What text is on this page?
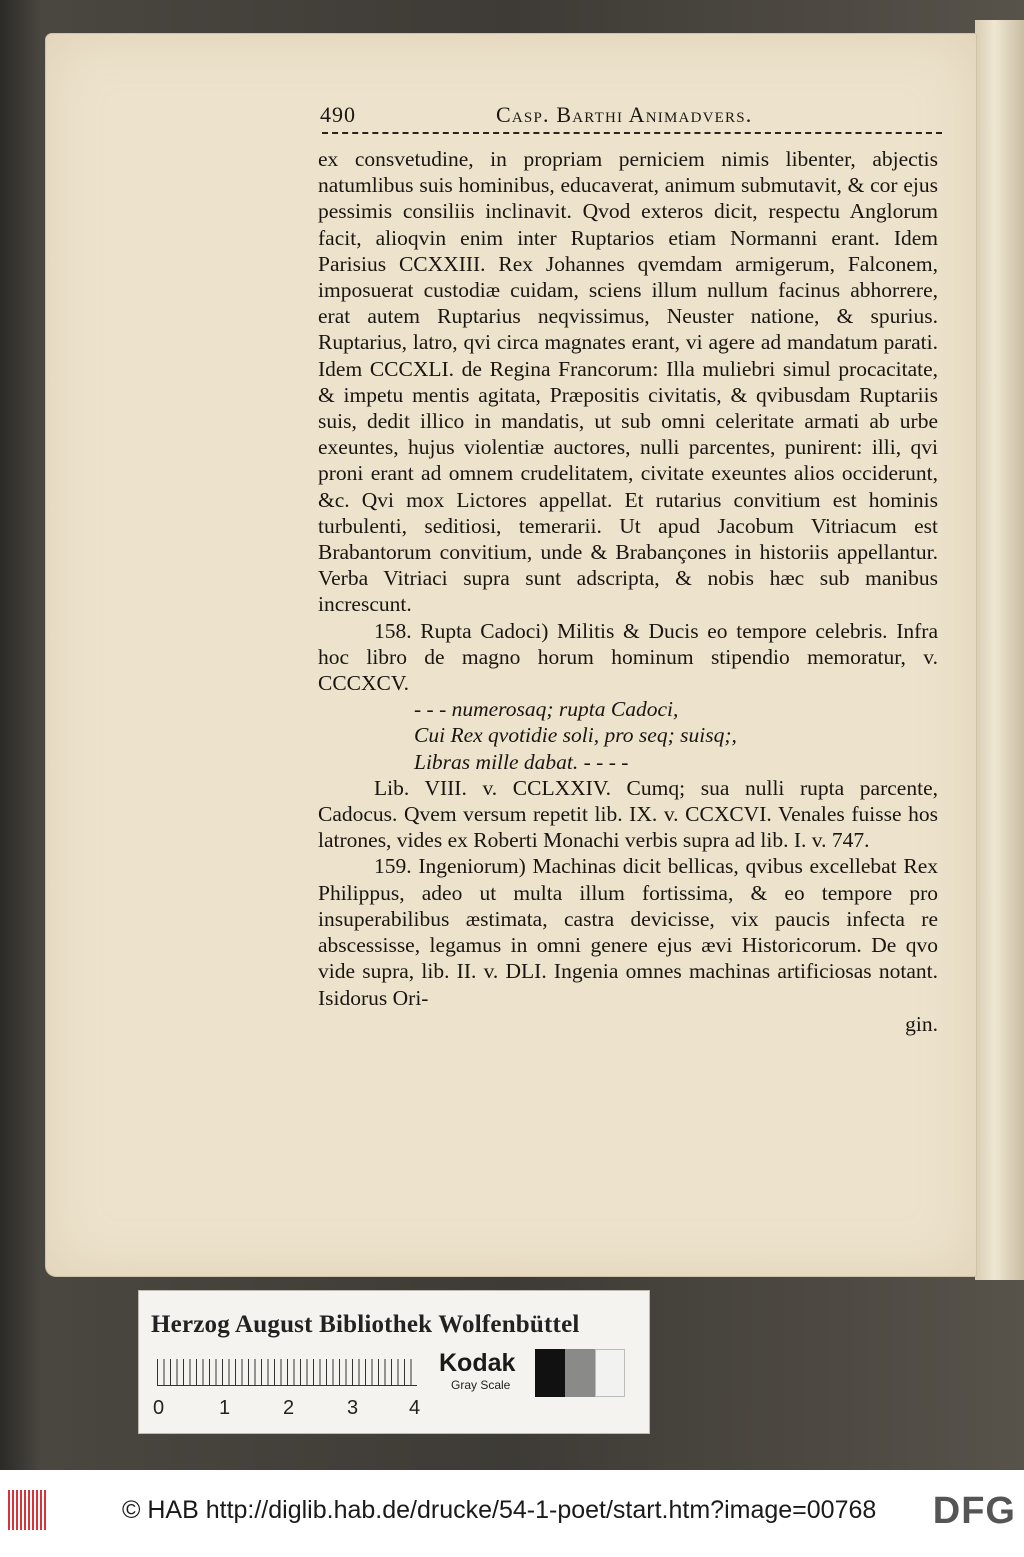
490	Casp. Barthi Animadvers.

ex consvetudine, in propriam perniciem nimis libenter, abjectis natumlibus suis hominibus, educaverat, animum submutavit, & cor ejus pessimis consiliis inclinavit. Qvod exteros dicit, respectu Anglorum facit, alioqvin enim inter Ruptarios etiam Normanni erant. Idem Parisius CCXXIII. Rex Johannes qvemdam armigerum, Falconem, imposuerat custodiæ cuidam, sciens illum nullum facinus abhorrere, erat autem Ruptarius neqvissimus, Neuster natione, & spurius. Ruptarius, latro, qvi circa magnates erant, vi agere ad mandatum parati. Idem CCCXLI. de Regina Francorum: Illa muliebri simul procacitate, & impetu mentis agitata, Præpositis civitatis, & qvibusdam Ruptariis suis, dedit illico in mandatis, ut sub omni celeritate armati ab urbe exeuntes, hujus violentiæ auctores, nulli parcentes, punirent: illi, qvi proni erant ad omnem crudelitatem, civitate exeuntes alios occiderunt, &c. Qvi mox Lictores appellat. Et rutarius convitium est hominis turbulenti, seditiosi, temerarii. Ut apud Jacobum Vitriacum est Brabantorum convitium, unde & Brabançones in historiis appellantur. Verba Vitriaci supra sunt adscripta, & nobis hæc sub manibus increscunt.

158. Rupta Cadoci) Militis & Ducis eo tempore celebris. Infra hoc libro de magno horum hominum stipendio memoratur, v. CCCXCV.

- - - numerosaq; rupta Cadoci,

Cui Rex qvotidie soli, pro seq; suisq;,

Libras mille dabat. - - - -

Lib. VIII. v. CCLXXIV. Cumq; sua nulli rupta parcente, Cadocus. Qvem versum repetit lib. IX. v. CCXCVI. Venales fuisse hos latrones, vides ex Roberti Monachi verbis supra ad lib. I. v. 747.

159. Ingeniorum) Machinas dicit bellicas, qvibus excellebat Rex Philippus, adeo ut multa illum fortissima, & eo tempore pro insuperabilibus æstimata, castra devicisse, vix paucis infecta re abscessisse, legamus in omni genere ejus ævi Historicorum. De qvo vide supra, lib. II. v. DLI. Ingenia omnes machinas artificiosas notant. Isidorus Ori-

gin.

Herzog August Bibliothek Wolfenbüttel
0	1	2	3	4
Kodak
Gray Scale
© HAB http://diglib.hab.de/drucke/54-1-poet/start.htm?image=00768 DFG
